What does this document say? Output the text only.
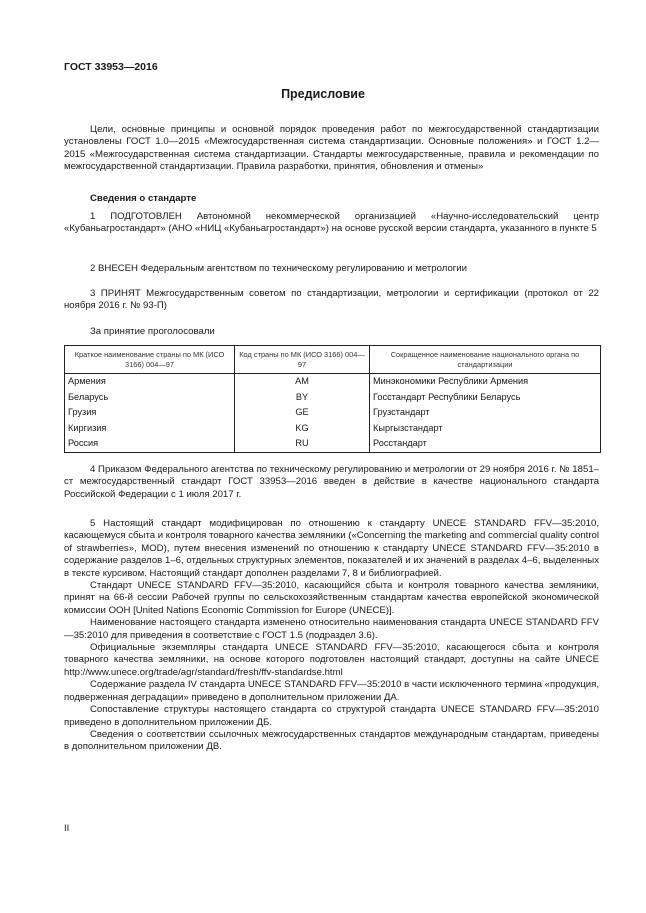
ГОСТ 33953—2016
Предисловие

Цели, основные принципы и основной порядок проведения работ по межгосударственной стандартизации установлены ГОСТ 1.0—2015 «Межгосударственная система стандартизации. Основные положения» и ГОСТ 1.2—2015 «Межгосударственная система стандартизации. Стандарты межгосударственные, правила и рекомендации по межгосударственной стандартизации. Правила разработки, принятия, обновления и отмены»

Сведения о стандарте

1 ПОДГОТОВЛЕН Автономной некоммерческой организацией «Научно-исследовательский центр «Кубаньагростандарт» (АНО «НИЦ «Кубаньагростандарт») на основе русской версии стандарта, указанного в пункте 5

2 ВНЕСЕН Федеральным агентством по техническому регулированию и метрологии

3 ПРИНЯТ Межгосударственным советом по стандартизации, метрологии и сертификации (протокол от 22 ноября 2016 г. № 93-П)

За принятие проголосовали

Краткое наименование страны по МК (ИСО 3166) 004—97	Код страны по МК (ИСО 3166) 004—97	Сокращенное наименование национального органа по стандартизации
Армения	AM	Минэкономики Республики Армения
Беларусь	BY	Госстандарт Республики Беларусь
Грузия	GE	Грузстандарт
Киргизия	KG	Кыргызстандарт
Россия	RU	Росстандарт

4 Приказом Федерального агентства по техническому регулированию и метрологии от 29 ноября 2016 г. № 1851–ст межгосударственный стандарт ГОСТ 33953—2016 введен в действие в качестве национального стандарта Российской Федерации с 1 июля 2017 г.

5 Настоящий стандарт модифицирован по отношению к стандарту UNECE STANDARD FFV—35:2010, касающемуся сбыта и контроля товарного качества земляники («Concerning the marketing and commercial quality control of strawberries», MOD), путем внесения изменений по отношению к стандарту UNECE STANDARD FFV—35:2010 в содержание разделов 1–6, отдельных структурных элементов, показателей и их значений в разделах 4–6, выделенных в тексте курсивом. Настоящий стандарт дополнен разделами 7, 8 и библиографией.

Стандарт UNECE STANDARD FFV—35:2010, касающийся сбыта и контроля товарного качества земляники, принят на 66-й сессии Рабочей группы по сельскохозяйственным стандартам качества европейской экономической комиссии ООН [United Nations Economic Commission for Europe (UNECE)].

Наименование настоящего стандарта изменено относительно наименования стандарта UNECE STANDARD FFV—35:2010 для приведения в соответствие с ГОСТ 1.5 (подраздел 3.6).

Официальные экземпляры стандарта UNECE STANDARD FFV—35:2010, касающегося сбыта и контроля товарного качества земляники, на основе которого подготовлен настоящий стандарт, доступны на сайте UNECE http://www.unece.org/trade/agr/standard/fresh/ffv-standardse.html

Содержание раздела IV стандарта UNECE STANDARD FFV—35:2010 в части исключенного термина «продукция, подверженная деградации» приведено в дополнительном приложении ДА.

Сопоставление структуры настоящего стандарта со структурой стандарта UNECE STANDARD FFV—35:2010 приведено в дополнительном приложении ДБ.

Сведения о соответствии ссылочных межгосударственных стандартов международным стандартам, приведены в дополнительном приложении ДВ.

II
